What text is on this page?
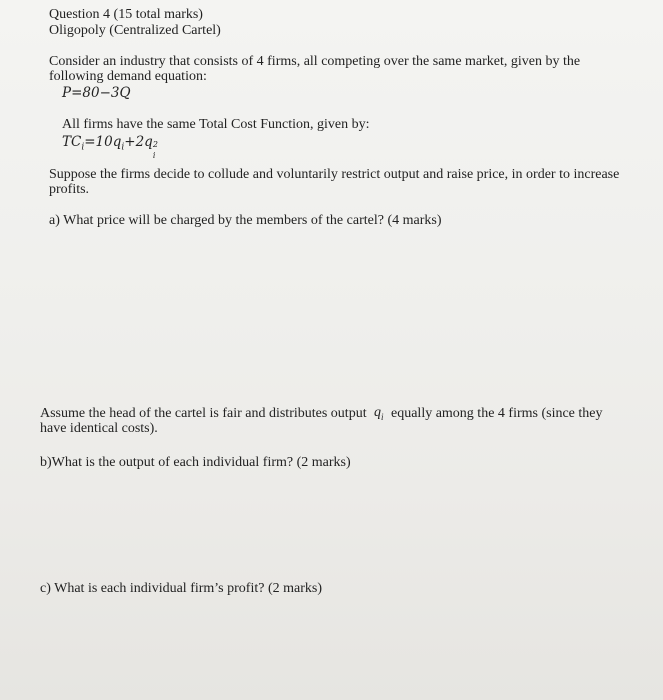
Question 4 (15 total marks)
Oligopoly (Centralized Cartel)
Consider an industry that consists of 4 firms, all competing over the same market, given by the
following demand equation:
P=80−3Q
All firms have the same Total Cost Function, given by:
$TC_i=10q_i+2q$ 2
i
Suppose the firms decide to collude and voluntarily restrict output and raise price, in order to increase
profits.
a) What price will be charged by the members of the cartel? (4 marks)
Assume the head of the cartel is fair and distributes output $q_i$ equally among the 4 firms (since they
have identical costs).
b)What is the output of each individual firm? (2 marks)
c) What is each individual firm’s profit? (2 marks)
